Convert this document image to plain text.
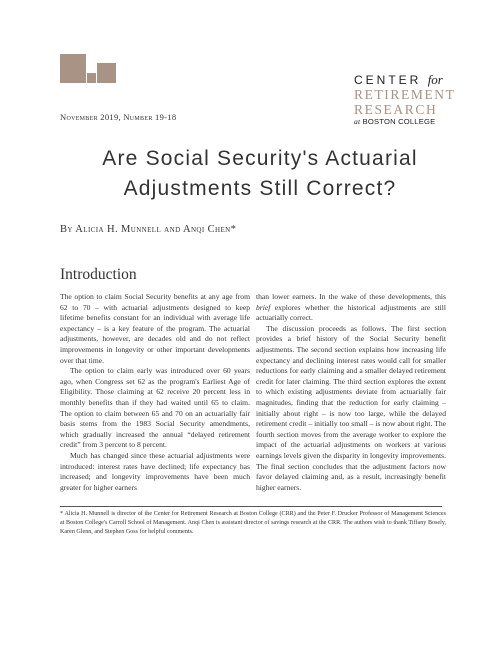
CENTER for
RETIREMENT
RESEARCH
at BOSTON COLLEGE
November 2019, Number 19-18
Are Social Security's Actuarial
Adjustments Still Correct?
By Alicia H. Munnell and Anqi Chen*
Introduction

The option to claim Social Security benefits at any age from 62 to 70 – with actuarial adjustments designed to keep lifetime benefits constant for an individual with average life expectancy – is a key feature of the program. The actuarial adjustments, however, are decades old and do not reflect improvements in longevity or other important developments over that time.

The option to claim early was introduced over 60 years ago, when Congress set 62 as the program's Earliest Age of Eligibility. Those claiming at 62 receive 20 percent less in monthly benefits than if they had waited until 65 to claim. The option to claim between 65 and 70 on an actuarially fair basis stems from the 1983 Social Security amendments, which gradually increased the annual “delayed retirement credit” from 3 percent to 8 percent.

Much has changed since these actuarial adjustments were introduced: interest rates have declined; life expectancy has increased; and longevity improvements have been much greater for higher earners

than lower earners. In the wake of these developments, this brief explores whether the historical adjustments are still actuarially correct.

The discussion proceeds as follows. The first section provides a brief history of the Social Security benefit adjustments. The second section explains how increasing life expectancy and declining interest rates would call for smaller reductions for early claiming and a smaller delayed retirement credit for later claiming. The third section explores the extent to which existing adjustments deviate from actuarially fair magnitudes, finding that the reduction for early claiming – initially about right – is now too large, while the delayed retirement credit – initially too small – is now about right. The fourth section moves from the average worker to explore the impact of the actuarial adjustments on workers at various earnings levels given the disparity in longevity improvements. The final section concludes that the adjustment factors now favor delayed claiming and, as a result, increasingly benefit higher earners.

* Alicia H. Munnell is director of the Center for Retirement Research at Boston College (CRR) and the Peter F. Drucker Professor of Management Sciences at Boston College's Carroll School of Management. Anqi Chen is assistant director of savings research at the CRR. The authors wish to thank Tiffany Bosely, Karen Glenn, and Stephen Goss for helpful comments.
